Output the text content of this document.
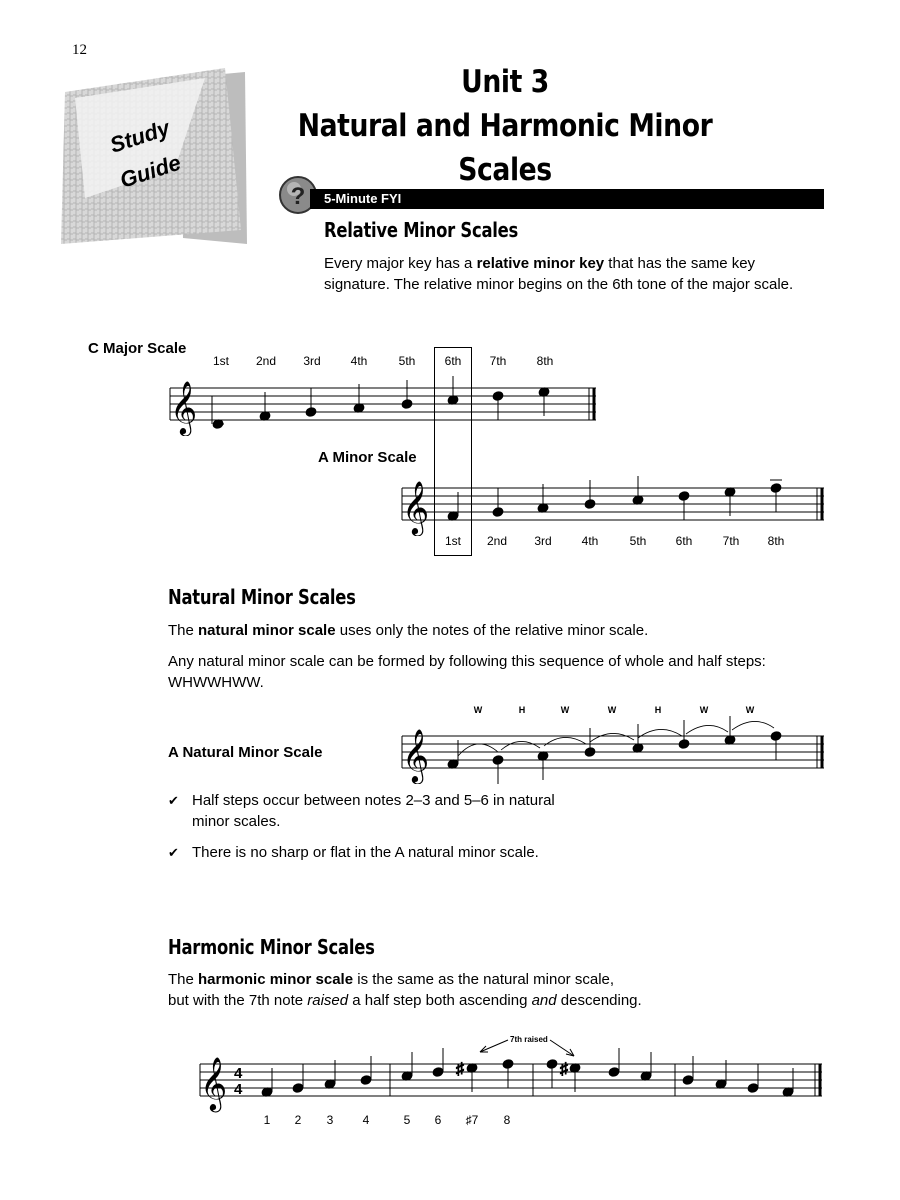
12
Study
Guide
Unit 3
Natural and Harmonic Minor Scales
?	5-Minute FYI
Relative Minor Scales
Every major key has a relative minor key that has the same key signature. The relative minor begins on the 6th tone of the major scale.
C Major Scale
A Minor Scale
1st	2nd	3rd	4th	5th	6th	7th	8th
1st	2nd	3rd	4th	5th	6th	7th	8th
𝄞
𝄞
Natural Minor Scales
The natural minor scale uses only the notes of the relative minor scale.
Any natural minor scale can be formed by following this sequence of whole and half steps: WHWWHWW.
A Natural Minor Scale
W	H	W	W	H	W	W
𝄞
✔ Half steps occur between notes 2–3 and 5–6 in natural minor scales.
✔ There is no sharp or flat in the A natural minor scale.
Harmonic Minor Scales
The harmonic minor scale is the same as the natural minor scale,
but with the 7th note raised a half step both ascending and descending.
7th raised
𝄞 4
4
♯	♯
1	2	3	4	5	6	♯7	8
